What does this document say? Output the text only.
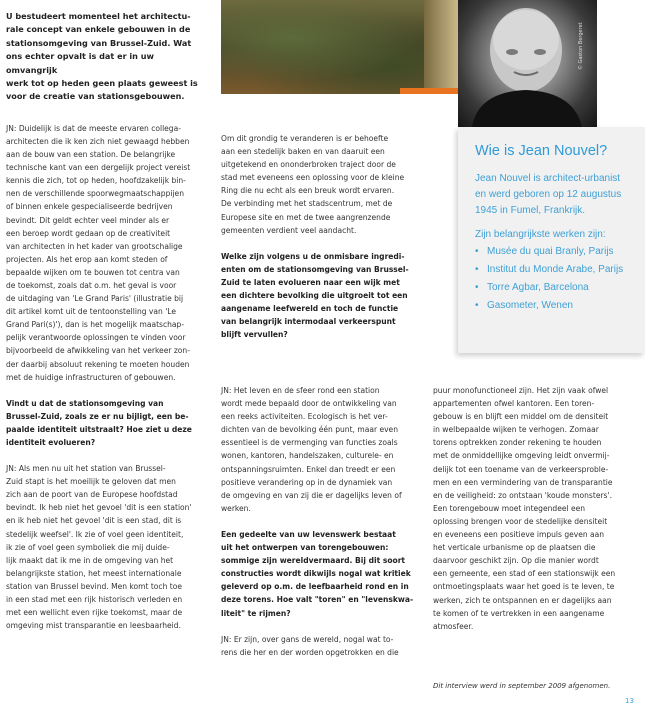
© Gaston Bergeret

U bestudeert momenteel het architectu-
rale concept van enkele gebouwen in de
stationsomgeving van Brussel-Zuid. Wat
ons echter opvalt is dat er in uw omvangrijk
werk tot op heden geen plaats geweest is
voor de creatie van stationsgebouwen.

JN: Duidelijk is dat de meeste ervaren collega-
architecten die ik ken zich niet gewaagd hebben
aan de bouw van een station. De belangrijke
technische kant van een dergelijk project vereist
kennis die zich, tot op heden, hoofdzakelijk bin-
nen de verschillende spoorwegmaatschappijen
of binnen enkele gespecialiseerde bedrijven
bevindt. Dit geldt echter veel minder als er
een beroep wordt gedaan op de creativiteit
van architecten in het kader van grootschalige
projecten. Als het erop aan komt steden of
bepaalde wijken om te bouwen tot centra van
de toekomst, zoals dat o.m. het geval is voor
de uitdaging van 'Le Grand Paris' (illustratie bij
dit artikel komt uit de tentoonstelling van 'Le
Grand Pari(s)'), dan is het mogelijk maatschap-
pelijk verantwoorde oplossingen te vinden voor
bijvoorbeeld de afwikkeling van het verkeer zon-
der daarbij absoluut rekening te moeten houden
met de huidige infrastructuren of gebouwen.

Vindt u dat de stationsomgeving van
Brussel-Zuid, zoals ze er nu bijligt, een be-
paalde identiteit uitstraalt? Hoe ziet u deze
identiteit evolueren?

JN: Als men nu uit het station van Brussel-
Zuid stapt is het moeilijk te geloven dat men
zich aan de poort van de Europese hoofdstad
bevindt. Ik heb niet het gevoel 'dit is een station'
en ik heb niet het gevoel 'dit is een stad, dit is
stedelijk weefsel'. Ik zie of voel geen identiteit,
ik zie of voel geen symboliek die mij duide-
lijk maakt dat ik me in de omgeving van het
belangrijkste station, het meest internationale
station van Brussel bevind. Men komt toch toe
in een stad met een rijk historisch verleden en
met een wellicht even rijke toekomst, maar de
omgeving mist transparantie en leesbaarheid.

Om dit grondig te veranderen is er behoefte
aan een stedelijk baken en van daaruit een
uitgetekend en ononderbroken traject door de
stad met eveneens een oplossing voor de kleine
Ring die nu echt als een breuk wordt ervaren.
De verbinding met het stadscentrum, met de
Europese site en met de twee aangrenzende
gemeenten verdient veel aandacht.

Welke zijn volgens u de onmisbare ingredi-
enten om de stationsomgeving van Brussel-
Zuid te laten evolueren naar een wijk met
een dichtere bevolking die uitgroeit tot een
aangename leefwereld en toch de functie
van belangrijk intermodaal verkeerspunt
blijft vervullen?

JN: Het leven en de sfeer rond een station
wordt mede bepaald door de ontwikkeling van
een reeks activiteiten. Ecologisch is het ver-
dichten van de bevolking één punt, maar even
essentieel is de vermenging van functies zoals
wonen, kantoren, handelszaken, culturele- en
ontspanningsruimten. Enkel dan treedt er een
positieve verandering op in de dynamiek van
de omgeving en van zij die er dagelijks leven of
werken.

Een gedeelte van uw levenswerk bestaat
uit het ontwerpen van torengebouwen:
sommige zijn wereldvermaard. Bij dit soort
constructies wordt dikwijls nogal wat kritiek
geleverd op o.m. de leefbaarheid rond en in
deze torens. Hoe valt "toren" en "levenskwa-
liteit" te rijmen?

JN: Er zijn, over gans de wereld, nogal wat to-
rens die her en der worden opgetrokken en die

puur monofunctioneel zijn. Het zijn vaak ofwel
appartementen ofwel kantoren. Een toren-
gebouw is en blijft een middel om de densiteit
in welbepaalde wijken te verhogen. Zomaar
torens optrekken zonder rekening te houden
met de onmiddellijke omgeving leidt onvermij-
delijk tot een toename van de verkeersproble-
men en een vermindering van de transparantie
en de veiligheid: zo ontstaan 'koude monsters'.
Een torengebouw moet integendeel een
oplossing brengen voor de stedelijke densiteit
en eveneens een positieve impuls geven aan
het verticale urbanisme op de plaatsen die
daarvoor geschikt zijn. Op die manier wordt
een gemeente, een stad of een stationswijk een
ontmoetingsplaats waar het goed is te leven, te
werken, zich te ontspannen en er dagelijks aan
te komen of te vertrekken in een aangename
atmosfeer.

Dit interview werd in september 2009 afgenomen.
Wie is Jean Nouvel?

Jean Nouvel is architect-urbanist
en werd geboren op 12 augustus
1945 in Fumel, Frankrijk.

Zijn belangrijkste werken zijn:

• Musée du quai Branly, Parijs
• Institut du Monde Arabe, Parijs
• Torre Agbar, Barcelona
• Gasometer, Wenen
13
